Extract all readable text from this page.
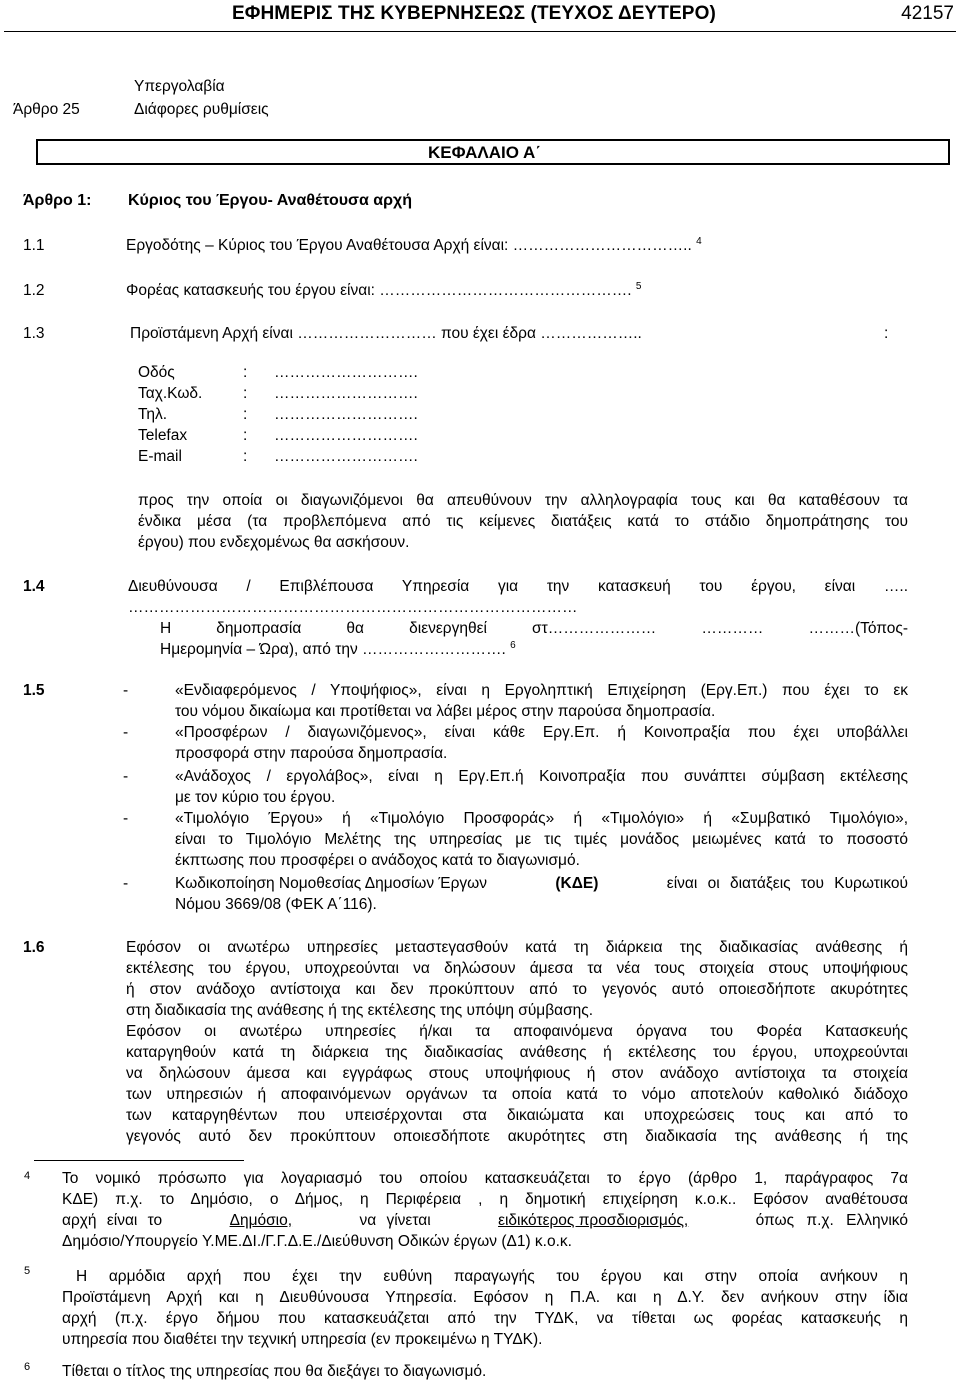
ΕΦΗΜΕΡΙΣ ΤΗΣ ΚΥΒΕΡΝΗΣΕΩΣ (ΤΕΥΧΟΣ ΔΕΥΤΕΡΟ)	42157
Υπεργολαβία
Άρθρο 25	Διάφορες ρυθμίσεις
ΚΕΦΑΛΑΙΟ Α΄
Άρθρο 1: Κύριος του Έργου- Αναθέτουσα αρχή
1.1	Εργοδότης – Κύριος του Έργου Αναθέτουσα Αρχή είναι: …………………………….. $^4$
1.2	Φορέας κατασκευής του έργου είναι: …………………………………………. $^5$
1.3	Προϊστάμενη Αρχή είναι ……………………… που έχει έδρα ………………..	:
Οδός	: ……………………….
Ταχ.Κωδ.	: ……………………….
Τηλ.	: ……………………….
Telefax	: ……………………….
E-mail	: ……………………….
προς την οποία οι διαγωνιζόμενοι θα απευθύνουν την αλληλογραφία τους και θα καταθέσουν τα
ένδικα μέσα (τα προβλεπόμενα από τις κείμενες διατάξεις κατά το στάδιο δημοπράτησης του
έργου) που ενδεχομένως θα ασκήσουν.
1.4	Διευθύνουσα / Επιβλέπουσα Υπηρεσία για την κατασκευή του έργου, είναι …..
……………………………………………………………………………
Η δημοπρασία θα διενεργηθεί στ………………… ………… ………(Τόπος-
Ημερομηνία – Ώρα), από την ………………………. $^6$
1.5	-	«Ενδιαφερόμενος / Υποψήφιος», είναι η Εργοληπτική Επιχείρηση (Εργ.Επ.) που έχει το εκ
του νόμου δικαίωμα και προτίθεται να λάβει μέρος στην παρούσα δημοπρασία.
-	«Προσφέρων / διαγωνιζόμενος», είναι κάθε Εργ.Επ. ή Κοινοπραξία που έχει υποβάλλει
προσφορά στην παρούσα δημοπρασία.
-	«Ανάδοχος / εργολάβος», είναι η Εργ.Επ.ή Κοινοπραξία που συνάπτει σύμβαση εκτέλεσης
με τον κύριο του έργου.
-	«Τιμολόγιο Έργου» ή «Τιμολόγιο Προσφοράς» ή «Τιμολόγιο» ή «Συμβατικό Τιμολόγιο»,
είναι το Τιμολόγιο Μελέτης της υπηρεσίας με τις τιμές μονάδος μειωμένες κατά το ποσοστό
έκπτωσης που προσφέρει ο ανάδοχος κατά το διαγωνισμό.
-	Κωδικοποίηση Νομοθεσίας Δημοσίων Έργων	(ΚΔΕ)	είναι οι διατάξεις του Κυρωτικού
Νόμου 3669/08 (ΦΕΚ Α΄116).
1.6	Εφόσον οι ανωτέρω υπηρεσίες μεταστεγασθούν κατά τη διάρκεια της διαδικασίας ανάθεσης ή
εκτέλεσης του έργου, υποχρεούνται να δηλώσουν άμεσα τα νέα τους στοιχεία στους υποψήφιους
ή στον ανάδοχο αντίστοιχα και δεν προκύπτουν από το γεγονός αυτό οποιεσδήποτε ακυρότητες
στη διαδικασία της ανάθεσης ή της εκτέλεσης της υπόψη σύμβασης.
Εφόσον οι ανωτέρω υπηρεσίες ή/και τα αποφαινόμενα όργανα του Φορέα Κατασκευής
καταργηθούν κατά τη διάρκεια της διαδικασίας ανάθεσης ή εκτέλεσης του έργου, υποχρεούνται
να δηλώσουν άμεσα και εγγράφως στους υποψήφιους ή στον ανάδοχο αντίστοιχα τα στοιχεία
των υπηρεσιών ή αποφαινόμενων οργάνων τα οποία κατά το νόμο αποτελούν καθολικό διάδοχο
των καταργηθέντων που υπεισέρχονται στα δικαιώματα και υποχρεώσεις τους και από το
γεγονός αυτό δεν προκύπτουν οποιεσδήποτε ακυρότητες στη διαδικασία της ανάθεσης ή της
4 Το νομικό πρόσωπο για λογαριασμό του οποίου κατασκευάζεται το έργο (άρθρο 1, παράγραφος 7α
ΚΔΕ) π.χ. το Δημόσιο, ο Δήμος, η Περιφέρεια , η δημοτική επιχείρηση κ.ο.κ.. Εφόσον αναθέτουσα
αρχή είναι το	Δημόσιο,	να γίνεται	ειδικότερος προσδιορισμός,	όπως π.χ. Ελληνικό
Δημόσιο/Υπουργείο Υ.ΜΕ.ΔΙ./Γ.Γ.Δ.Ε./Διεύθυνση Οδικών έργων (Δ1) κ.ο.κ.
5	Η αρμόδια αρχή που έχει την ευθύνη παραγωγής του έργου και στην οποία ανήκουν η
Προϊστάμενη Αρχή και η Διευθύνουσα Υπηρεσία. Εφόσον η Π.Α. και η Δ.Υ. δεν ανήκουν στην ίδια
αρχή (π.χ. έργο δήμου που κατασκευάζεται από την ΤΥΔΚ, να τίθεται ως φορέας κατασκευής η
υπηρεσία που διαθέτει την τεχνική υπηρεσία (εν προκειμένω η ΤΥΔΚ).
6 Τίθεται ο τίτλος της υπηρεσίας που θα διεξάγει το διαγωνισμό.
